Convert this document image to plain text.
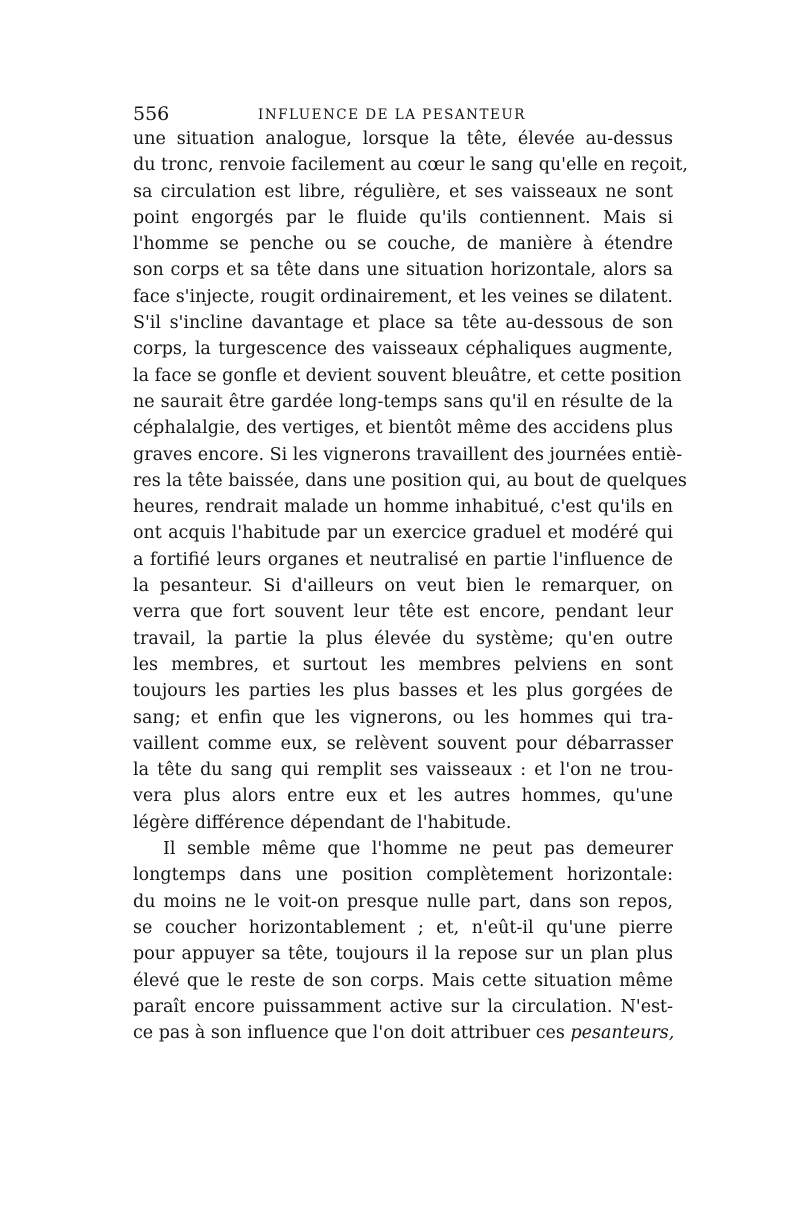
556	INFLUENCE DE LA PESANTEUR
une situation analogue, lorsque la tête, élevée au-dessus
du tronc, renvoie facilement au cœur le sang qu'elle en reçoit,
sa circulation est libre, régulière, et ses vaisseaux ne sont
point engorgés par le fluide qu'ils contiennent. Mais si
l'homme se penche ou se couche, de manière à étendre
son corps et sa tête dans une situation horizontale, alors sa
face s'injecte, rougit ordinairement, et les veines se dilatent.
S'il s'incline davantage et place sa tête au-dessous de son
corps, la turgescence des vaisseaux céphaliques augmente,
la face se gonfle et devient souvent bleuâtre, et cette position
ne saurait être gardée long-temps sans qu'il en résulte de la
céphalalgie, des vertiges, et bientôt même des accidens plus
graves encore. Si les vignerons travaillent des journées entiè-
res la tête baissée, dans une position qui, au bout de quelques
heures, rendrait malade un homme inhabitué, c'est qu'ils en
ont acquis l'habitude par un exercice graduel et modéré qui
a fortifié leurs organes et neutralisé en partie l'influence de
la pesanteur. Si d'ailleurs on veut bien le remarquer, on
verra que fort souvent leur tête est encore, pendant leur
travail, la partie la plus élevée du système; qu'en outre
les membres, et surtout les membres pelviens en sont
toujours les parties les plus basses et les plus gorgées de
sang; et enfin que les vignerons, ou les hommes qui tra-
vaillent comme eux, se relèvent souvent pour débarrasser
la tête du sang qui remplit ses vaisseaux : et l'on ne trou-
vera plus alors entre eux et les autres hommes, qu'une
légère différence dépendant de l'habitude.
Il semble même que l'homme ne peut pas demeurer
longtemps dans une position complètement horizontale:
du moins ne le voit-on presque nulle part, dans son repos,
se coucher horizontablement ; et, n'eût-il qu'une pierre
pour appuyer sa tête, toujours il la repose sur un plan plus
élevé que le reste de son corps. Mais cette situation même
paraît encore puissamment active sur la circulation. N'est-
ce pas à son influence que l'on doit attribuer ces pesanteurs,
